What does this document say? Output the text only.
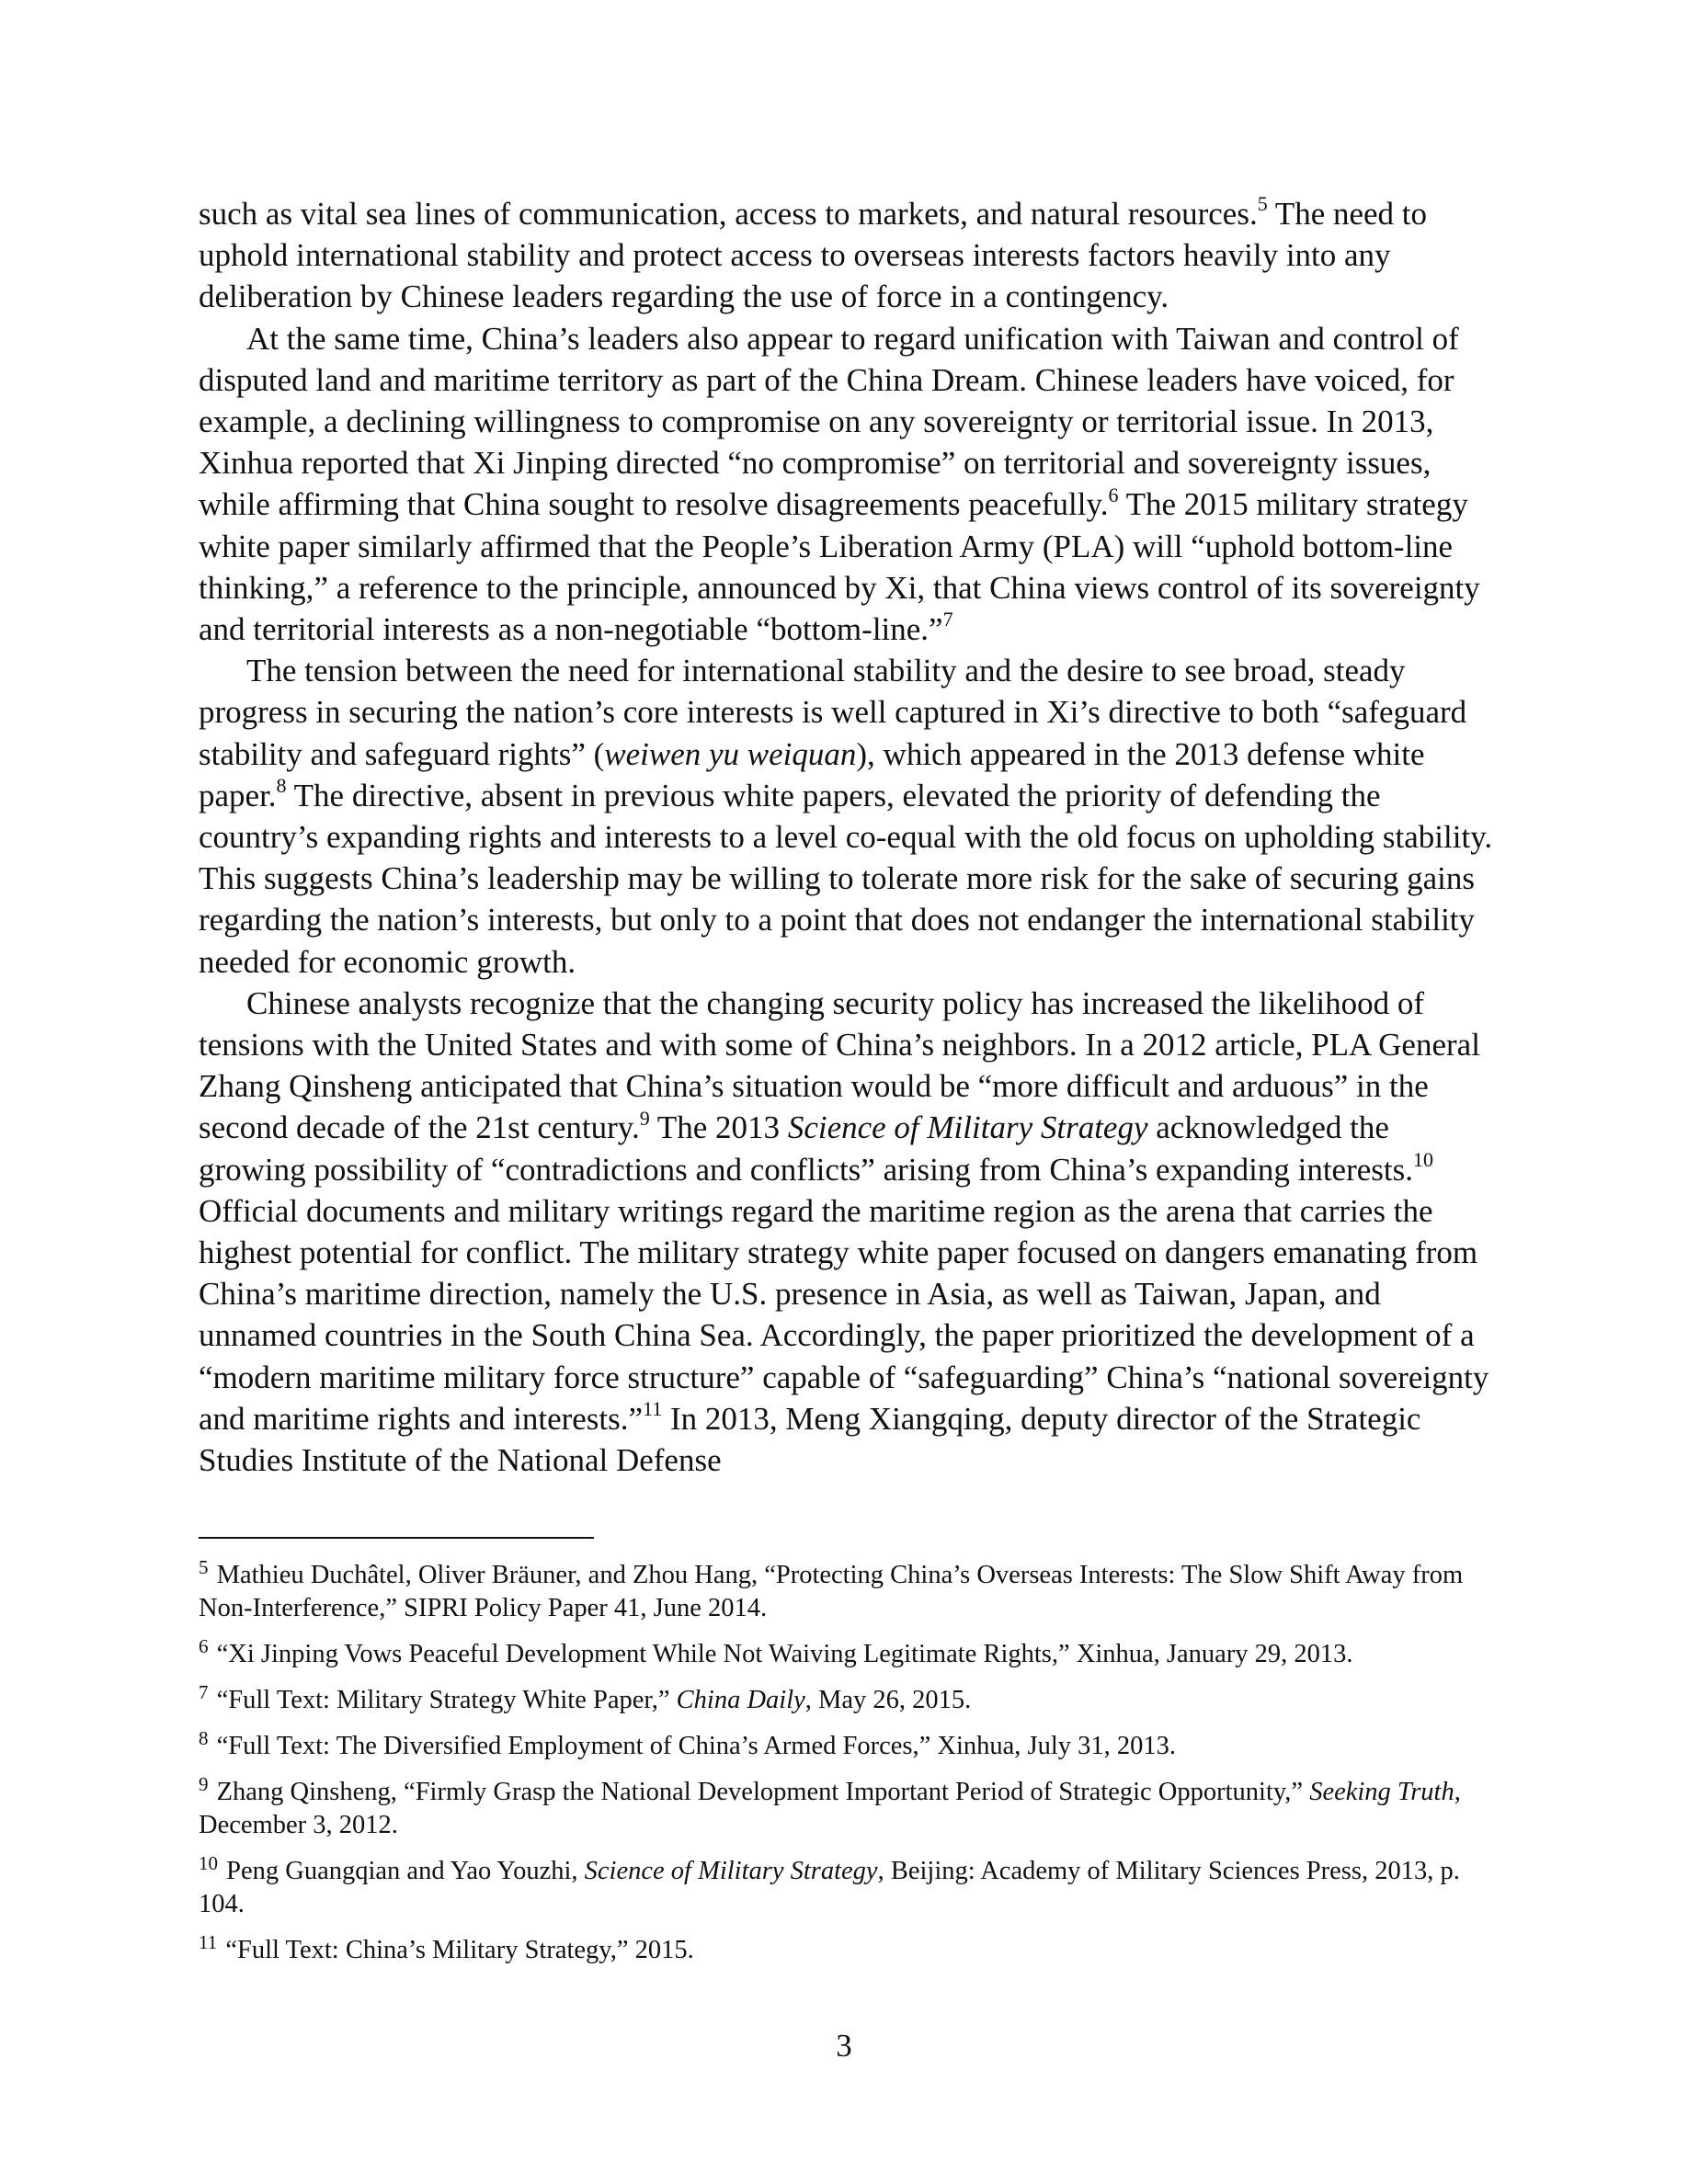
such as vital sea lines of communication, access to markets, and natural resources.$^5$ The need to uphold international stability and protect access to overseas interests factors heavily into any deliberation by Chinese leaders regarding the use of force in a contingency.

At the same time, China’s leaders also appear to regard unification with Taiwan and control of disputed land and maritime territory as part of the China Dream. Chinese leaders have voiced, for example, a declining willingness to compromise on any sovereignty or territorial issue. In 2013, Xinhua reported that Xi Jinping directed “no compromise” on territorial and sovereignty issues, while affirming that China sought to resolve disagreements peacefully.$^6$ The 2015 military strategy white paper similarly affirmed that the People’s Liberation Army (PLA) will “uphold bottom-line thinking,” a reference to the principle, announced by Xi, that China views control of its sovereignty and territorial interests as a non-negotiable “bottom-line.”$^7$

The tension between the need for international stability and the desire to see broad, steady progress in securing the nation’s core interests is well captured in Xi’s directive to both “safeguard stability and safeguard rights” (weiwen yu weiquan), which appeared in the 2013 defense white paper.$^8$ The directive, absent in previous white papers, elevated the priority of defending the country’s expanding rights and interests to a level co-equal with the old focus on upholding stability. This suggests China’s leadership may be willing to tolerate more risk for the sake of securing gains regarding the nation’s interests, but only to a point that does not endanger the international stability needed for economic growth.

Chinese analysts recognize that the changing security policy has increased the likelihood of tensions with the United States and with some of China’s neighbors. In a 2012 article, PLA General Zhang Qinsheng anticipated that China’s situation would be “more difficult and arduous” in the second decade of the 21st century.$^9$ The 2013 Science of Military Strategy acknowledged the growing possibility of “contradictions and conflicts” arising from China’s expanding interests.$^{10}$ Official documents and military writings regard the maritime region as the arena that carries the highest potential for conflict. The military strategy white paper focused on dangers emanating from China’s maritime direction, namely the U.S. presence in Asia, as well as Taiwan, Japan, and unnamed countries in the South China Sea. Accordingly, the paper prioritized the development of a “modern maritime military force structure” capable of “safeguarding” China’s “national sovereignty and maritime rights and interests.”$^{11}$ In 2013, Meng Xiangqing, deputy director of the Strategic Studies Institute of the National Defense

$^5$ Mathieu Duchâtel, Oliver Bräuner, and Zhou Hang, “Protecting China’s Overseas Interests: The Slow Shift Away from Non-Interference,” SIPRI Policy Paper 41, June 2014.

$^6$ “Xi Jinping Vows Peaceful Development While Not Waiving Legitimate Rights,” Xinhua, January 29, 2013.

$^7$ “Full Text: Military Strategy White Paper,” China Daily, May 26, 2015.

$^8$ “Full Text: The Diversified Employment of China’s Armed Forces,” Xinhua, July 31, 2013.

$^9$ Zhang Qinsheng, “Firmly Grasp the National Development Important Period of Strategic Opportunity,” Seeking Truth, December 3, 2012.

$^{10}$ Peng Guangqian and Yao Youzhi, Science of Military Strategy, Beijing: Academy of Military Sciences Press, 2013, p. 104.

$^{11}$ “Full Text: China’s Military Strategy,” 2015.

3
